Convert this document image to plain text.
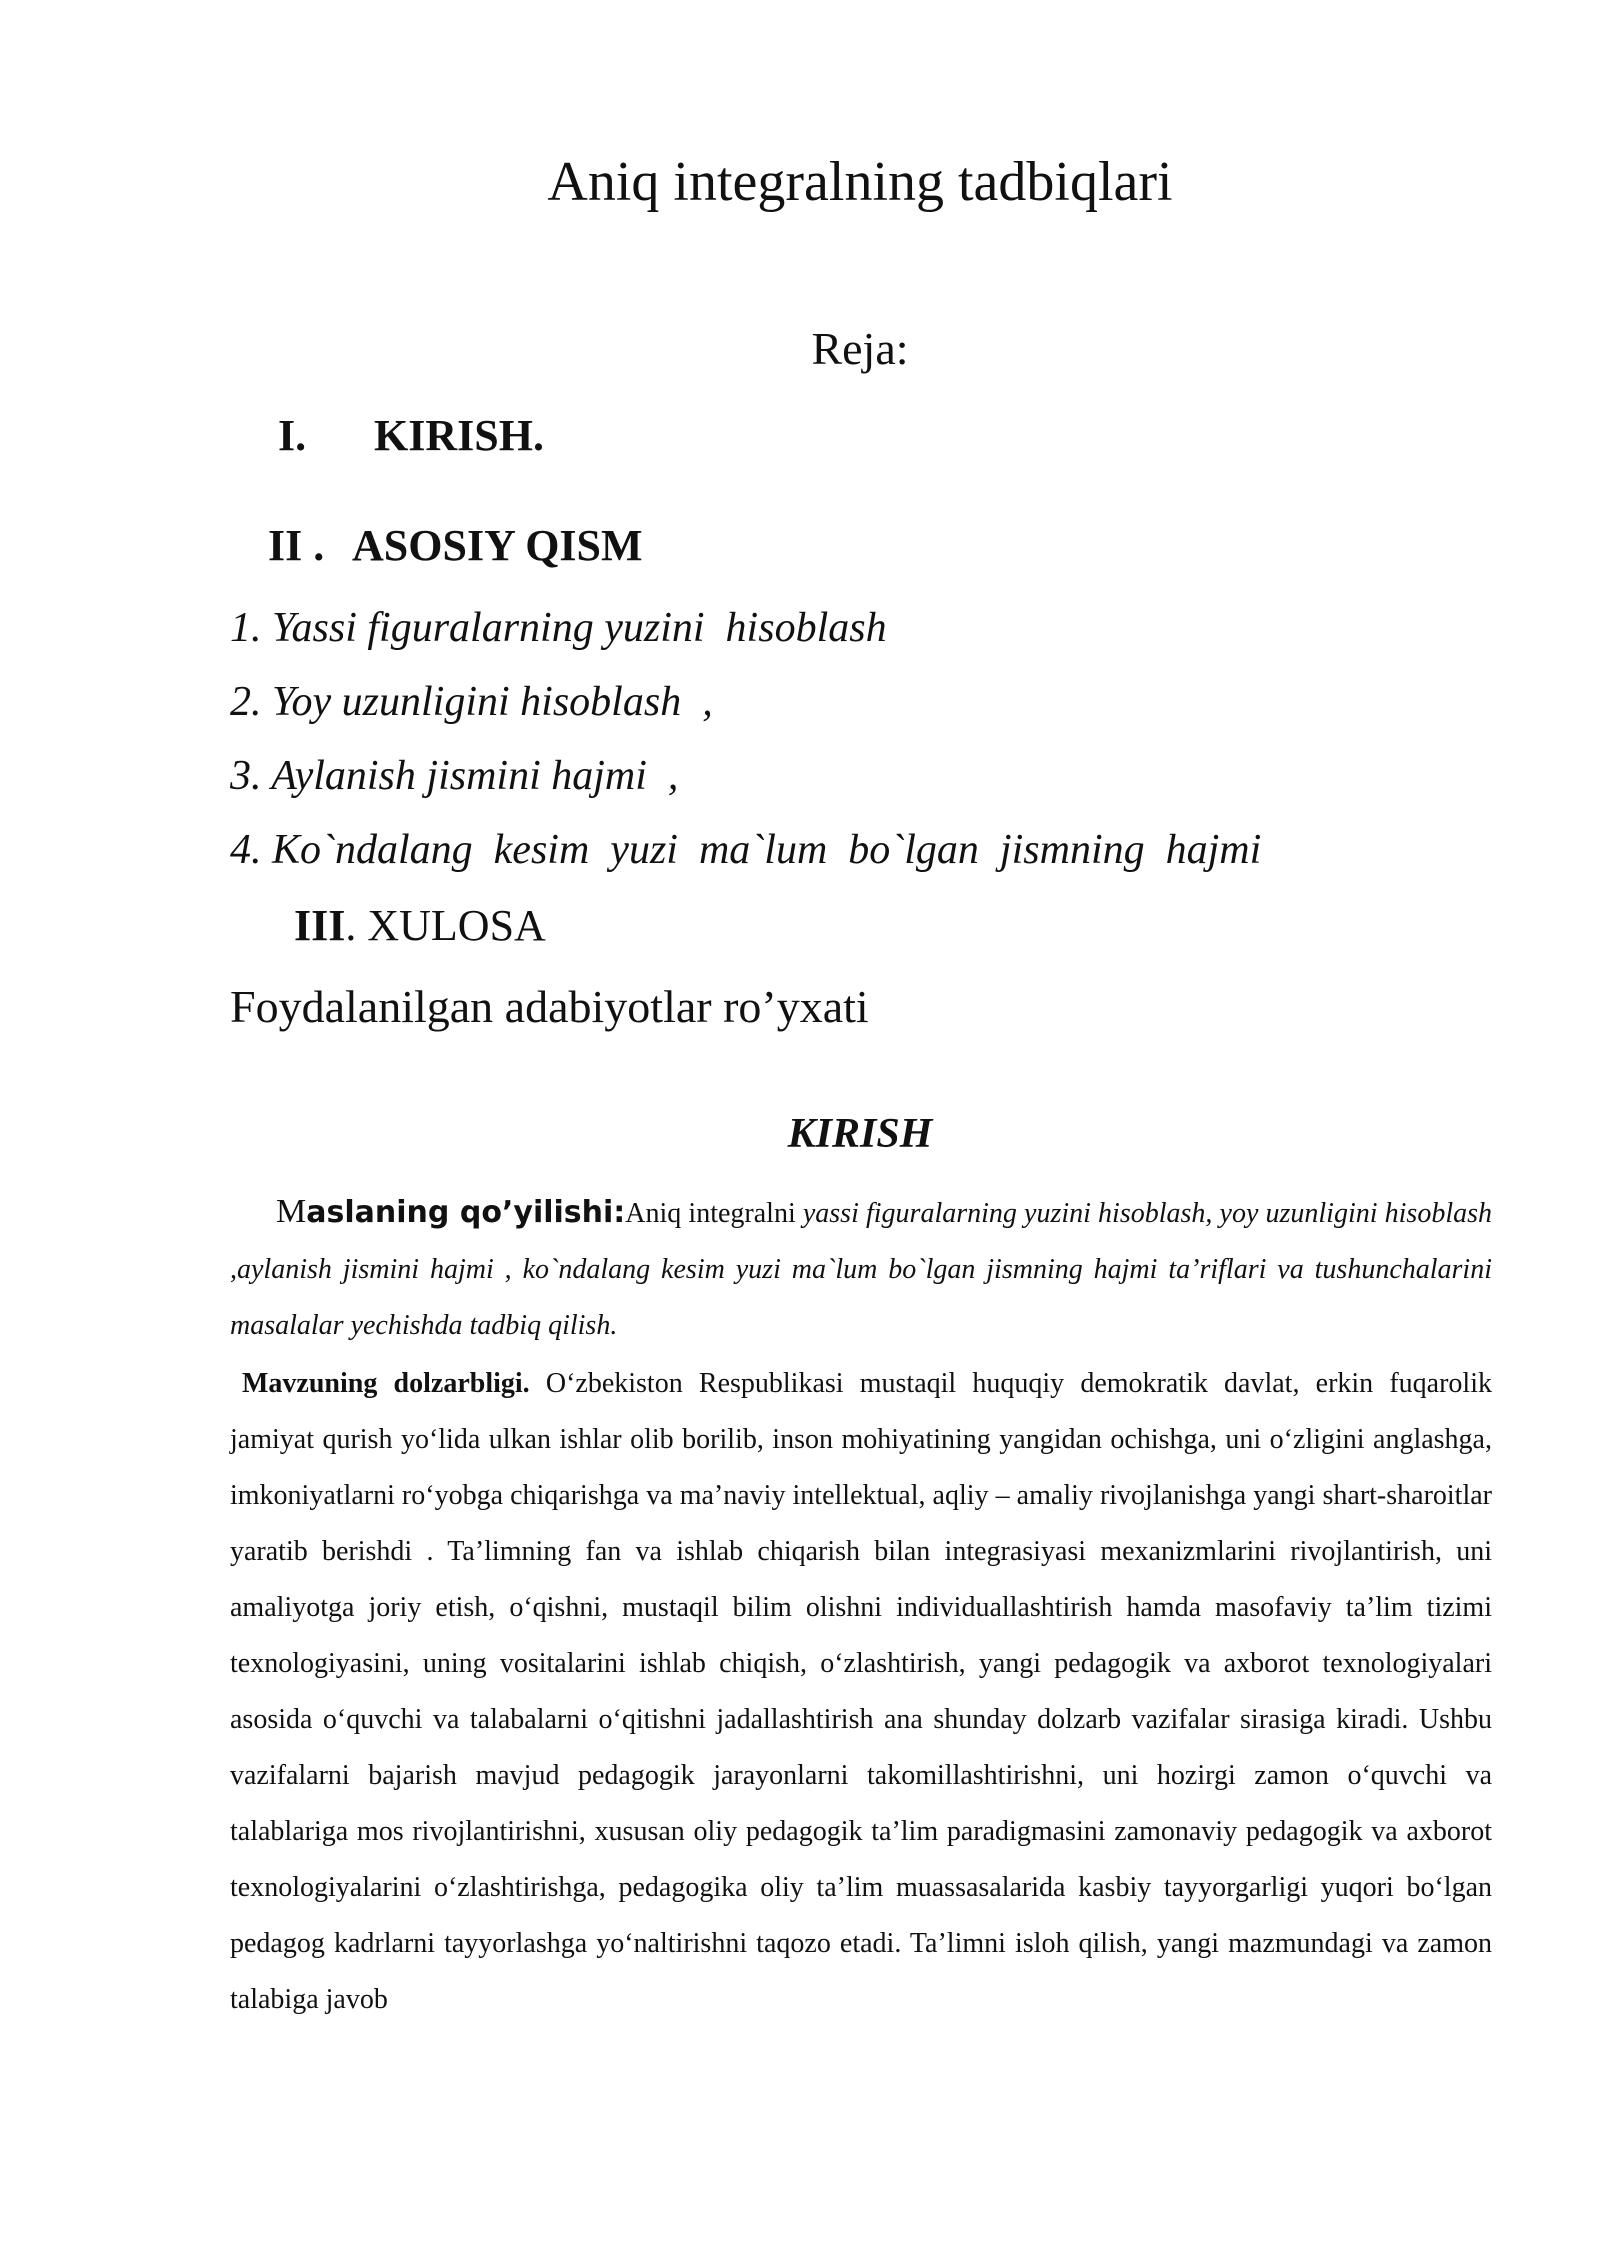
Aniq integralning tadbiqlari
Reja:
I. KIRISH.
II . ASOSIY QISM
1. Yassi figuralarning yuzini  hisoblash
2. Yoy uzunligini hisoblash  ,
3. Aylanish jismini hajmi  ,
4. Ko`ndalang  kesim  yuzi  ma`lum  bo`lgan  jismning  hajmi
III. XULOSA
Foydalanilgan adabiyotlar ro’yxati
KIRISH
Maslaning qo’yilishi:Aniq integralni yassi figuralarning yuzini hisoblash, yoy uzunligini hisoblash ,aylanish jismini hajmi , ko`ndalang kesim yuzi ma`lum bo`lgan jismning hajmi ta’riflari va tushunchalarini masalalar yechishda tadbiq qilish.
Mavzuning dolzarbligi. O‘zbekiston Respublikasi mustaqil huquqiy demokratik davlat, erkin fuqarolik jamiyat qurish yo‘lida ulkan ishlar olib borilib, inson mohiyatining yangidan ochishga, uni o‘zligini anglashga, imkoniyatlarni ro‘yobga chiqarishga va ma’naviy intellektual, aqliy – amaliy rivojlanishga yangi shart-sharoitlar yaratib berishdi . Ta’limning fan va ishlab chiqarish bilan integrasiyasi mexanizmlarini rivojlantirish, uni amaliyotga joriy etish, o‘qishni, mustaqil bilim olishni individuallashtirish hamda masofaviy ta’lim tizimi texnologiyasini, uning vositalarini ishlab chiqish, o‘zlashtirish, yangi pedagogik va axborot texnologiyalari asosida o‘quvchi va talabalarni o‘qitishni jadallashtirish ana shunday dolzarb vazifalar sirasiga kiradi. Ushbu vazifalarni bajarish mavjud pedagogik jarayonlarni takomillashtirishni, uni hozirgi zamon o‘quvchi va talablariga mos rivojlantirishni, xususan oliy pedagogik ta’lim paradigmasini zamonaviy pedagogik va axborot texnologiyalarini o‘zlashtirishga, pedagogika oliy ta’lim muassasalarida kasbiy tayyorgarligi yuqori bo‘lgan pedagog kadrlarni tayyorlashga yo‘naltirishni taqozo etadi. Ta’limni isloh qilish, yangi mazmundagi va zamon talabiga javob
